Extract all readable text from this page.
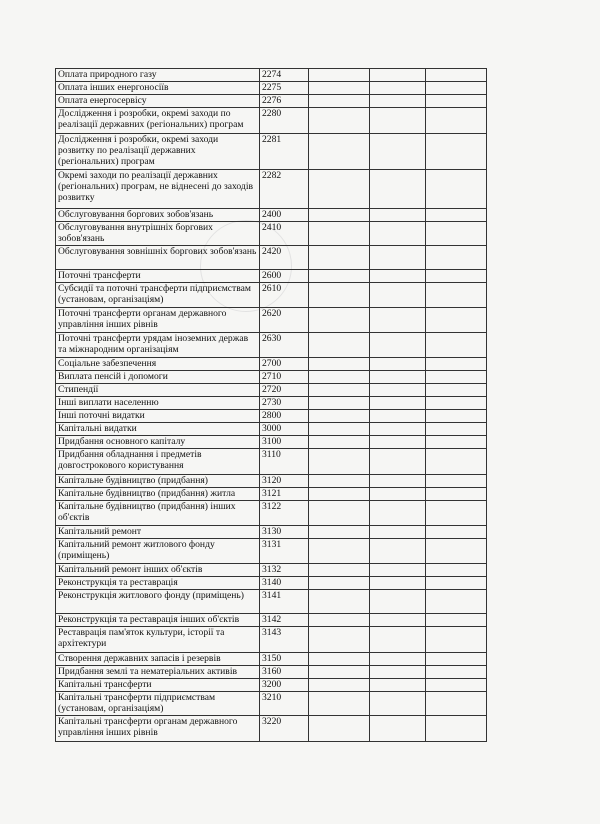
Оплата природного газу	2274			
Оплата інших енергоносіїв	2275			
Оплата енергосервісу	2276			
Дослідження і розробки, окремі заходи по реалізації державних (регіональних) програм	2280			
Дослідження і розробки, окремі заходи розвитку по реалізації державних (регіональних) програм	2281			
Окремі заходи по реалізації державних (регіональних) програм, не віднесені до заходів розвитку	2282			
Обслуговування боргових зобов'язань	2400			
Обслуговування внутрішніх боргових зобов'язань	2410			
Обслуговування зовнішніх боргових зобов'язань	2420			
Поточні трансферти	2600			
Субсидії та поточні трансферти підприємствам (установам, організаціям)	2610			
Поточні трансферти органам державного управління інших рівнів	2620			
Поточні трансферти урядам іноземних держав та міжнародним організаціям	2630			
Соціальне забезпечення	2700			
Виплата пенсій і допомоги	2710			
Стипендії	2720			
Інші виплати населенню	2730			
Інші поточні видатки	2800			
Капітальні видатки	3000			
Придбання основного капіталу	3100			
Придбання обладнання і предметів довгострокового користування	3110			
Капітальне будівництво (придбання)	3120			
Капітальне будівництво (придбання) житла	3121			
Капітальне будівництво (придбання) інших об'єктів	3122			
Капітальний ремонт	3130			
Капітальний ремонт житлового фонду (приміщень)	3131			
Капітальний ремонт інших об'єктів	3132			
Реконструкція та реставрація	3140			
Реконструкція житлового фонду (приміщень)	3141			
Реконструкція та реставрація інших об'єктів	3142			
Реставрація пам'яток культури, історії та архітектури	3143			
Створення державних запасів і резервів	3150			
Придбання землі та нематеріальних активів	3160			
Капітальні трансферти	3200			
Капітальні трансферти підприємствам (установам, організаціям)	3210			
Капітальні трансферти органам державного управління інших рівнів	3220			
